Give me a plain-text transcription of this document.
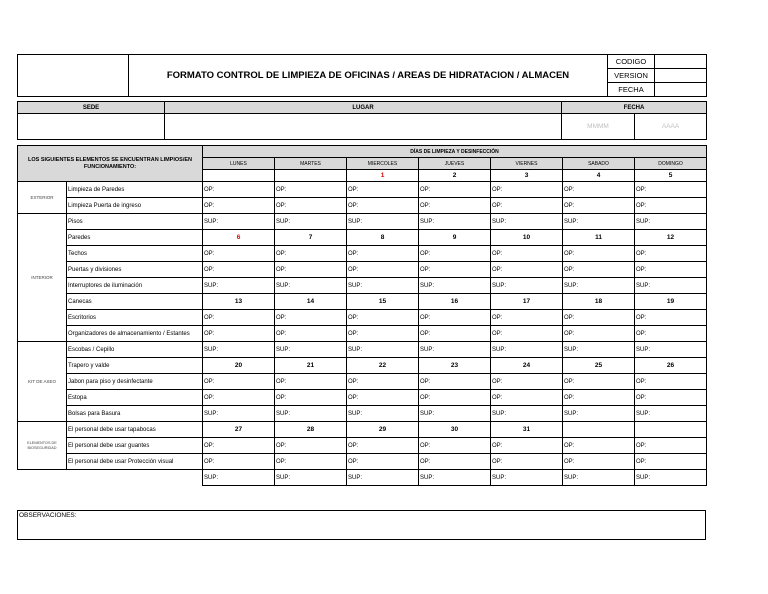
	FORMATO CONTROL DE LIMPIEZA DE OFICINAS / AREAS DE HIDRATACION / ALMACEN	CODIGO	
		VERSION	
		FECHA	
SEDE	LUGAR	FECHA	
		MMMM	AAAA
LOS SIGUIENTES ELEMENTOS SE ENCUENTRAN LIMPIOS/EN FUNCIONAMIENTO:		DÍAS DE LIMPIEZA Y DESINFECCIÓN						
		LUNES	MARTES	MIERCOLES	JUEVES	VIERNES	SABADO	DOMINGO
				1	2	3	4	5
EXTERIOR	Limpieza de Paredes	OP:	OP:	OP:	OP:	OP:	OP:	OP:
	Limpieza Puerta de ingreso	OP:	OP:	OP:	OP:	OP:	OP:	OP:
INTERIOR	Pisos	SUP:	SUP:	SUP:	SUP:	SUP:	SUP:	SUP:
	Paredes	6	7	8	9	10	11	12
	Techos	OP:	OP:	OP:	OP:	OP:	OP:	OP:
	Puertas y divisiones	OP:	OP:	OP:	OP:	OP:	OP:	OP:
	Interruptores de iluminación	SUP:	SUP:	SUP:	SUP:	SUP:	SUP:	SUP:
	Canecas	13	14	15	16	17	18	19
	Escritorios	OP:	OP:	OP:	OP:	OP:	OP:	OP:
	Organizadores de almacenamiento / Estantes	OP:	OP:	OP:	OP:	OP:	OP:	OP:
KIT DE ASEO	Escobas / Cepillo	SUP:	SUP:	SUP:	SUP:	SUP:	SUP:	SUP:
	Trapero y valde	20	21	22	23	24	25	26
	Jabon para piso y desinfectante	OP:	OP:	OP:	OP:	OP:	OP:	OP:
	Estopa	OP:	OP:	OP:	OP:	OP:	OP:	OP:
	Bolsas para Basura	SUP:	SUP:	SUP:	SUP:	SUP:	SUP:	SUP:
ELEMENTOS DE BIOSEGURIDAD	El personal debe usar tapabocas	27	28	29	30	31		
	El personal debe usar guantes	OP:	OP:	OP:	OP:	OP:	OP:	OP:
	El personal debe usar Protección visual	OP:	OP:	OP:	OP:	OP:	OP:	OP:
		SUP:	SUP:	SUP:	SUP:	SUP:	SUP:	SUP:
OBSERVACIONES:
